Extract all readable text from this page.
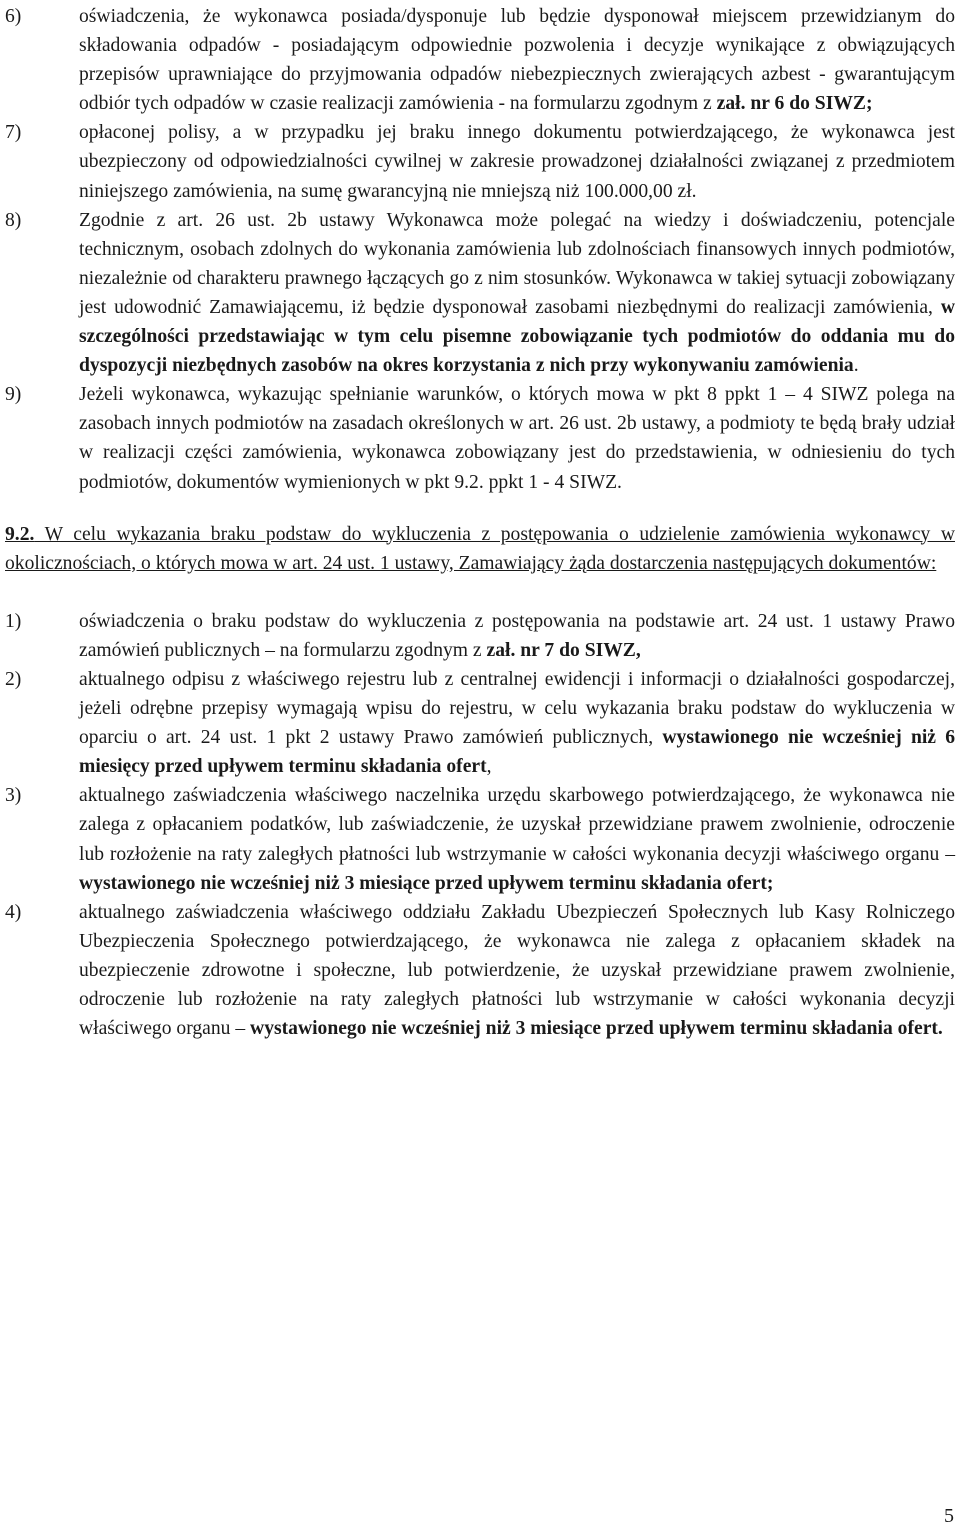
6)	oświadczenia, że wykonawca posiada/dysponuje lub będzie dysponował miejscem przewidzianym do składowania odpadów - posiadającym odpowiednie pozwolenia i decyzje wynikające z obwiązujących przepisów uprawniające do przyjmowania odpadów niebezpiecznych zwierających azbest - gwarantującym odbiór tych odpadów w czasie realizacji zamówienia - na formularzu zgodnym z zał. nr 6 do SIWZ;
7)	opłaconej polisy, a w przypadku jej braku innego dokumentu potwierdzającego, że wykonawca jest ubezpieczony od odpowiedzialności cywilnej w zakresie prowadzonej działalności związanej z przedmiotem niniejszego zamówienia, na sumę gwarancyjną nie mniejszą niż 100.000,00 zł.
8)	Zgodnie z art. 26 ust. 2b ustawy Wykonawca może polegać na wiedzy i doświadczeniu, potencjale technicznym, osobach zdolnych do wykonania zamówienia lub zdolnościach finansowych innych podmiotów, niezależnie od charakteru prawnego łączących go z nim stosunków. Wykonawca w takiej sytuacji zobowiązany jest udowodnić Zamawiającemu, iż będzie dysponował zasobami niezbędnymi do realizacji zamówienia, w szczególności przedstawiając w tym celu pisemne zobowiązanie tych podmiotów do oddania mu do dyspozycji niezbędnych zasobów na okres korzystania z nich przy wykonywaniu zamówienia.
9)	Jeżeli wykonawca, wykazując spełnianie warunków, o których mowa w pkt 8 ppkt 1 – 4 SIWZ polega na zasobach innych podmiotów na zasadach określonych w art. 26 ust. 2b ustawy, a podmioty te będą brały udział w realizacji części zamówienia, wykonawca zobowiązany jest do przedstawienia, w odniesieniu do tych podmiotów, dokumentów wymienionych w pkt 9.2. ppkt 1 - 4 SIWZ.
9.2. W celu wykazania braku podstaw do wykluczenia z postępowania o udzielenie zamówienia wykonawcy w okolicznościach, o których mowa w art. 24 ust. 1 ustawy, Zamawiający żąda dostarczenia następujących dokumentów:
1)	oświadczenia o braku podstaw do wykluczenia z postępowania na podstawie art. 24 ust. 1 ustawy Prawo zamówień publicznych – na formularzu zgodnym z zał. nr 7 do SIWZ,
2)	aktualnego odpisu z właściwego rejestru lub z centralnej ewidencji i informacji o działalności gospodarczej, jeżeli odrębne przepisy wymagają wpisu do rejestru, w celu wykazania braku podstaw do wykluczenia w oparciu o art. 24 ust. 1 pkt 2 ustawy Prawo zamówień publicznych, wystawionego nie wcześniej niż 6 miesięcy przed upływem terminu składania ofert,
3)	aktualnego zaświadczenia właściwego naczelnika urzędu skarbowego potwierdzającego, że wykonawca nie zalega z opłacaniem podatków, lub zaświadczenie, że uzyskał przewidziane prawem zwolnienie, odroczenie lub rozłożenie na raty zaległych płatności lub wstrzymanie w całości wykonania decyzji właściwego organu – wystawionego nie wcześniej niż 3 miesiące przed upływem terminu składania ofert;
4)	aktualnego zaświadczenia właściwego oddziału Zakładu Ubezpieczeń Społecznych lub Kasy Rolniczego Ubezpieczenia Społecznego potwierdzającego, że wykonawca nie zalega z opłacaniem składek na ubezpieczenie zdrowotne i społeczne, lub potwierdzenie, że uzyskał przewidziane prawem zwolnienie, odroczenie lub rozłożenie na raty zaległych płatności lub wstrzymanie w całości wykonania decyzji właściwego organu – wystawionego nie wcześniej niż 3 miesiące przed upływem terminu składania ofert.
5
